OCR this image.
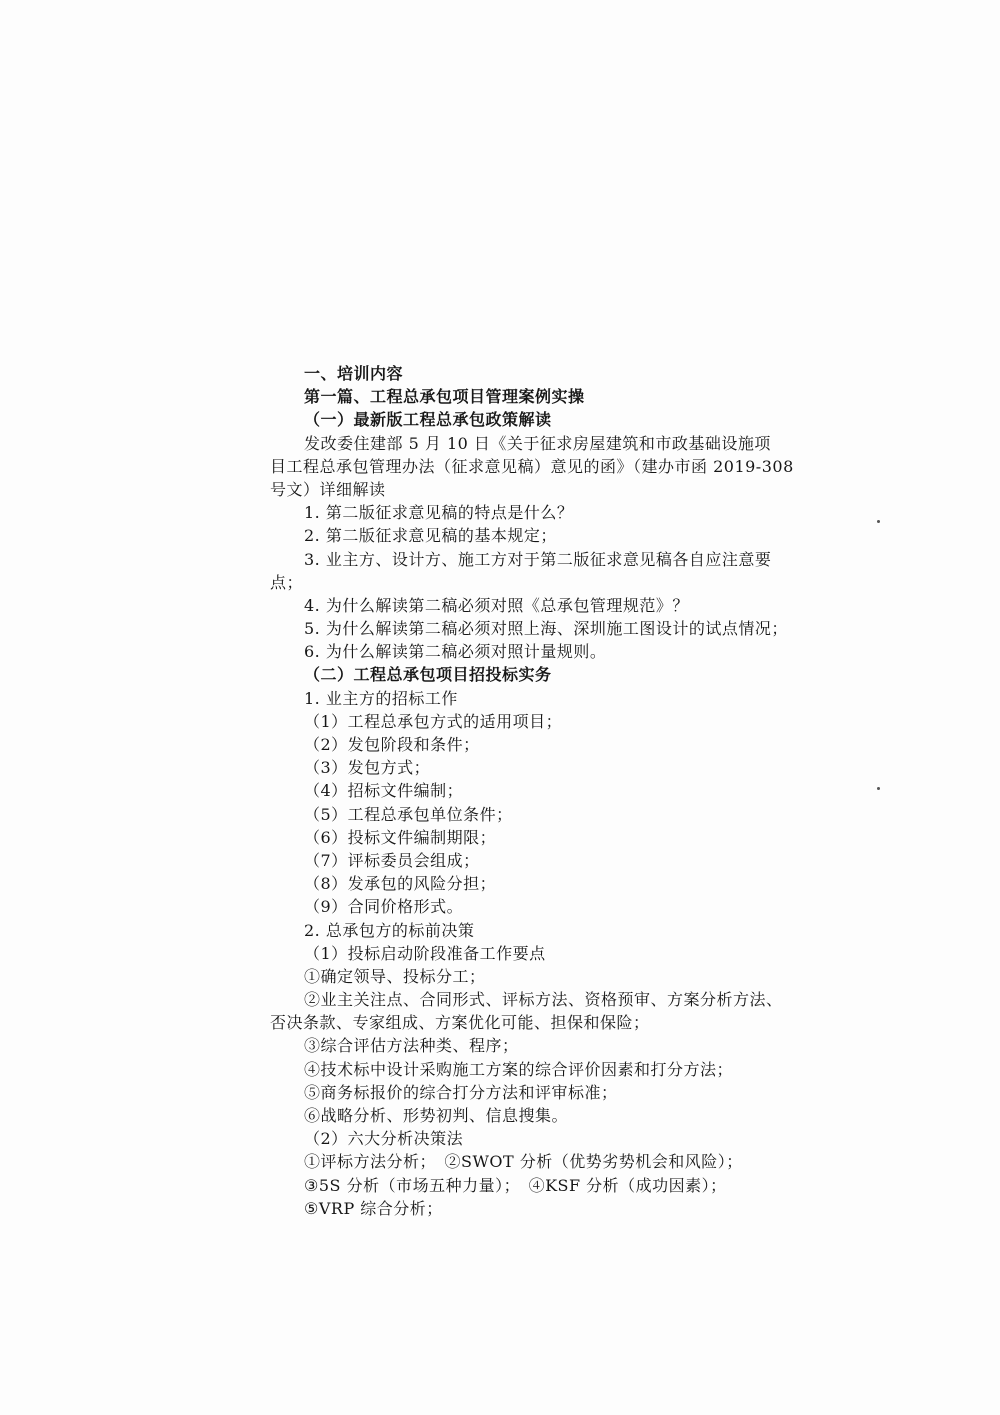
一、培训内容
第一篇、工程总承包项目管理案例实操
（一）最新版工程总承包政策解读
发改委住建部 5 月 10 日《关于征求房屋建筑和市政基础设施项
目工程总承包管理办法（征求意见稿）意见的函》（建办市函 2019-308
号文）详细解读
1. 第二版征求意见稿的特点是什么？
2. 第二版征求意见稿的基本规定；
3. 业主方、设计方、施工方对于第二版征求意见稿各自应注意要
点；
4. 为什么解读第二稿必须对照《总承包管理规范》？
5. 为什么解读第二稿必须对照上海、深圳施工图设计的试点情况；
6. 为什么解读第二稿必须对照计量规则。
（二）工程总承包项目招投标实务
1. 业主方的招标工作
（1）工程总承包方式的适用项目；
（2）发包阶段和条件；
（3）发包方式；
（4）招标文件编制；
（5）工程总承包单位条件；
（6）投标文件编制期限；
（7）评标委员会组成；
（8）发承包的风险分担；
（9）合同价格形式。
2. 总承包方的标前决策
（1）投标启动阶段准备工作要点
①确定领导、投标分工；
②业主关注点、合同形式、评标方法、资格预审、方案分析方法、
否决条款、专家组成、方案优化可能、担保和保险；
③综合评估方法种类、程序；
④技术标中设计采购施工方案的综合评价因素和打分方法；
⑤商务标报价的综合打分方法和评审标准；
⑥战略分析、形势初判、信息搜集。
（2）六大分析决策法
①评标方法分析；　②SWOT 分析（优势劣势机会和风险）；
③5S 分析（市场五种力量）；　④KSF 分析（成功因素）；
⑤VRP 综合分析；
